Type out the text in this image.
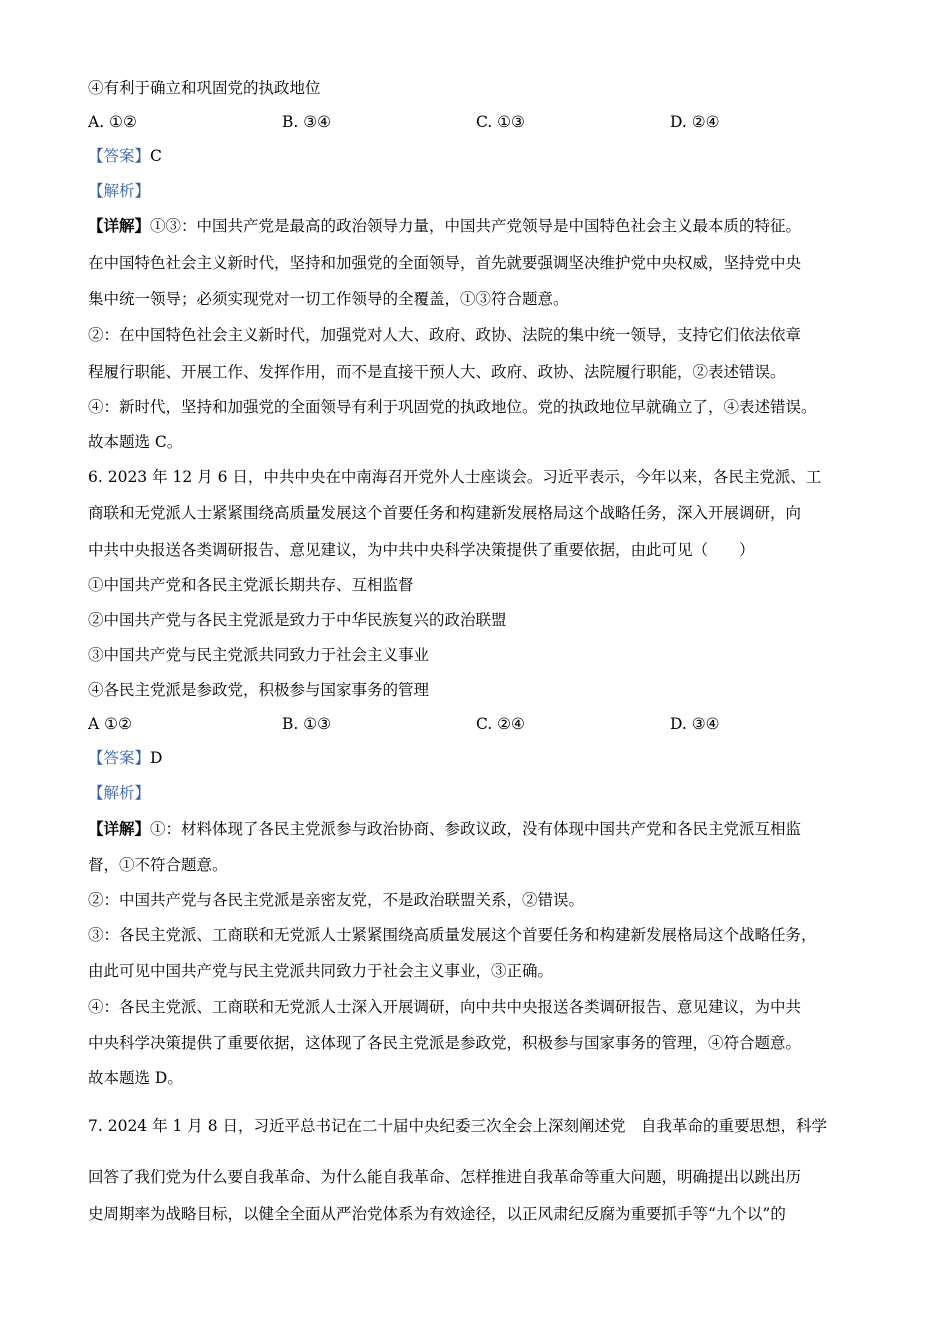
④有利于确立和巩固党的执政地位
A. ①②	B. ③④	C. ①③	D. ②④
【答案】C
【解析】
【详解】①③：中国共产党是最高的政治领导力量，中国共产党领导是中国特色社会主义最本质的特征。
在中国特色社会主义新时代，坚持和加强党的全面领导，首先就要强调坚决维护党中央权威，坚持党中央
集中统一领导；必须实现党对一切工作领导的全覆盖，①③符合题意。
②：在中国特色社会主义新时代，加强党对人大、政府、政协、法院的集中统一领导，支持它们依法依章
程履行职能、开展工作、发挥作用，而不是直接干预人大、政府、政协、法院履行职能，②表述错误。
④：新时代，坚持和加强党的全面领导有利于巩固党的执政地位。党的执政地位早就确立了，④表述错误。
故本题选 C。
6. 2023 年 12 月 6 日，中共中央在中南海召开党外人士座谈会。习近平表示，今年以来，各民主党派、工
商联和无党派人士紧紧围绕高质量发展这个首要任务和构建新发展格局这个战略任务，深入开展调研，向
中共中央报送各类调研报告、意见建议，为中共中央科学决策提供了重要依据，由此可见（　　）
①中国共产党和各民主党派长期共存、互相监督
②中国共产党与各民主党派是致力于中华民族复兴的政治联盟
③中国共产党与民主党派共同致力于社会主义事业
④各民主党派是参政党，积极参与国家事务的管理
A ①②	B. ①③	C. ②④	D. ③④
【答案】D
【解析】
【详解】①：材料体现了各民主党派参与政治协商、参政议政，没有体现中国共产党和各民主党派互相监
督，①不符合题意。
②：中国共产党与各民主党派是亲密友党，不是政治联盟关系，②错误。
③：各民主党派、工商联和无党派人士紧紧围绕高质量发展这个首要任务和构建新发展格局这个战略任务，
由此可见中国共产党与民主党派共同致力于社会主义事业，③正确。
④：各民主党派、工商联和无党派人士深入开展调研，向中共中央报送各类调研报告、意见建议，为中共
中央科学决策提供了重要依据，这体现了各民主党派是参政党，积极参与国家事务的管理，④符合题意。
故本题选 D。
7. 2024 年 1 月 8 日，习近平总书记在二十届中央纪委三次全会上深刻阐述党　自我革命的重要思想，科学
回答了我们党为什么要自我革命、为什么能自我革命、怎样推进自我革命等重大问题，明确提出以跳出历
史周期率为战略目标，以健全全面从严治党体系为有效途径，以正风肃纪反腐为重要抓手等“九个以”的
